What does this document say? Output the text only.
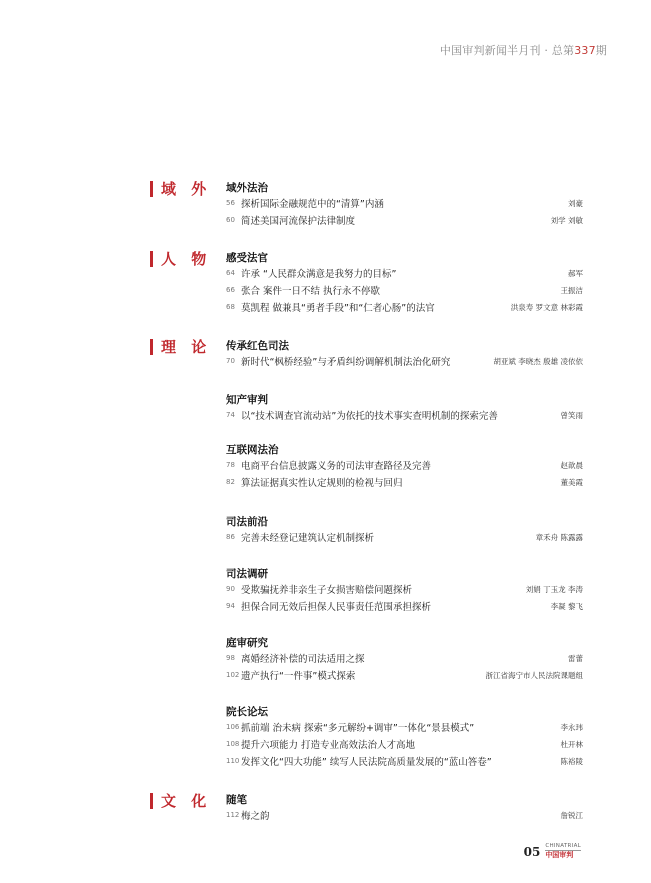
中国审判新闻半月刊 · 总第337期
域 外 域外法治
56 探析国际金融规范中的“清算”内涵	刘豪
60 简述美国河流保护法律制度	刘学 刘敏
人 物 感受法官
64 许承 “人民群众满意是我努力的目标”	郝军
66 张合 案件一日不结 执行永不停歇	王振洁
68 莫凯程 做兼具“勇者手段”和“仁者心肠”的法官	洪泉寿 罗文意 林彩霞
理 论 传承红色司法
70 新时代“枫桥经验”与矛盾纠纷调解机制法治化研究	胡亚斌 李晓杰 殷雄 凌依依
知产审判
74 以“技术调查官流动站”为依托的技术事实查明机制的探索完善	曾笑雨
互联网法治
78 电商平台信息披露义务的司法审查路径及完善	赵歆晨
82 算法证据真实性认定规则的检视与回归	董美霞
司法前沿
86 完善未经登记建筑认定机制探析	章禾舟 陈露露
司法调研
90 受欺骗抚养非亲生子女损害赔偿问题探析	刘娟 丁玉龙 李涛
94 担保合同无效后担保人民事责任范围承担探析	李凝 黎飞
庭审研究
98 离婚经济补偿的司法适用之探	雷蕾
102 遗产执行“一件事”模式探索	浙江省海宁市人民法院课题组
院长论坛
106 抓前端 治未病 探索“多元解纷+调审”一体化“景县模式”	李永玮
108 提升六项能力 打造专业高效法治人才高地	杜开林
110 发挥文化“四大功能” 续写人民法院高质量发展的“蓝山答卷”	陈裕陵
文 化 随笔
112 梅之韵	詹锐江
05 CHINATRIAL
中国审判
